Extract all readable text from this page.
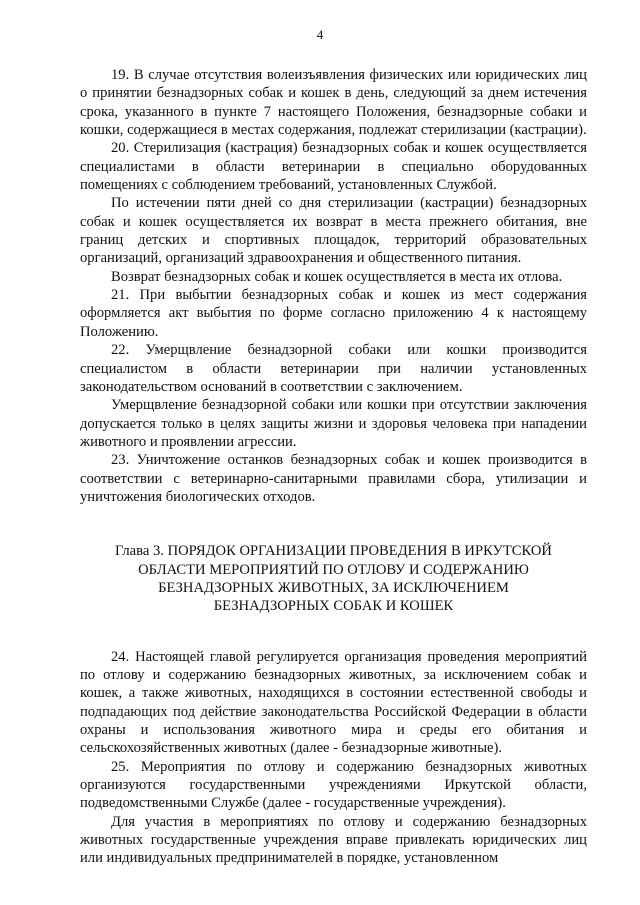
4

19. В случае отсутствия волеизъявления физических или юридических лиц о принятии безнадзорных собак и кошек в день, следующий за днем истечения срока, указанного в пункте 7 настоящего Положения, безнадзорные собаки и кошки, содержащиеся в местах содержания, подлежат стерилизации (кастрации).

20. Стерилизация (кастрация) безнадзорных собак и кошек осуществляется специалистами в области ветеринарии в специально оборудованных помещениях с соблюдением требований, установленных Службой.

По истечении пяти дней со дня стерилизации (кастрации) безнадзорных собак и кошек осуществляется их возврат в места прежнего обитания, вне границ детских и спортивных площадок, территорий образовательных организаций, организаций здравоохранения и общественного питания.

Возврат безнадзорных собак и кошек осуществляется в места их отлова.

21. При выбытии безнадзорных собак и кошек из мест содержания оформляется акт выбытия по форме согласно приложению 4 к настоящему Положению.

22. Умерщвление безнадзорной собаки или кошки производится специалистом в области ветеринарии при наличии установленных законодательством оснований в соответствии с заключением.

Умерщвление безнадзорной собаки или кошки при отсутствии заключения допускается только в целях защиты жизни и здоровья человека при нападении животного и проявлении агрессии.

23. Уничтожение останков безнадзорных собак и кошек производится в соответствии с ветеринарно-санитарными правилами сбора, утилизации и уничтожения биологических отходов.

Глава 3. ПОРЯДОК ОРГАНИЗАЦИИ ПРОВЕДЕНИЯ В ИРКУТСКОЙ
ОБЛАСТИ МЕРОПРИЯТИЙ ПО ОТЛОВУ И СОДЕРЖАНИЮ
БЕЗНАДЗОРНЫХ ЖИВОТНЫХ, ЗА ИСКЛЮЧЕНИЕМ
БЕЗНАДЗОРНЫХ СОБАК И КОШЕК

24. Настоящей главой регулируется организация проведения мероприятий по отлову и содержанию безнадзорных животных, за исключением собак и кошек, а также животных, находящихся в состоянии естественной свободы и подпадающих под действие законодательства Российской Федерации в области охраны и использования животного мира и среды его обитания и сельскохозяйственных животных (далее - безнадзорные животные).

25. Мероприятия по отлову и содержанию безнадзорных животных организуются государственными учреждениями Иркутской области, подведомственными Службе (далее - государственные учреждения).

Для участия в мероприятиях по отлову и содержанию безнадзорных животных государственные учреждения вправе привлекать юридических лиц или индивидуальных предпринимателей в порядке, установленном
